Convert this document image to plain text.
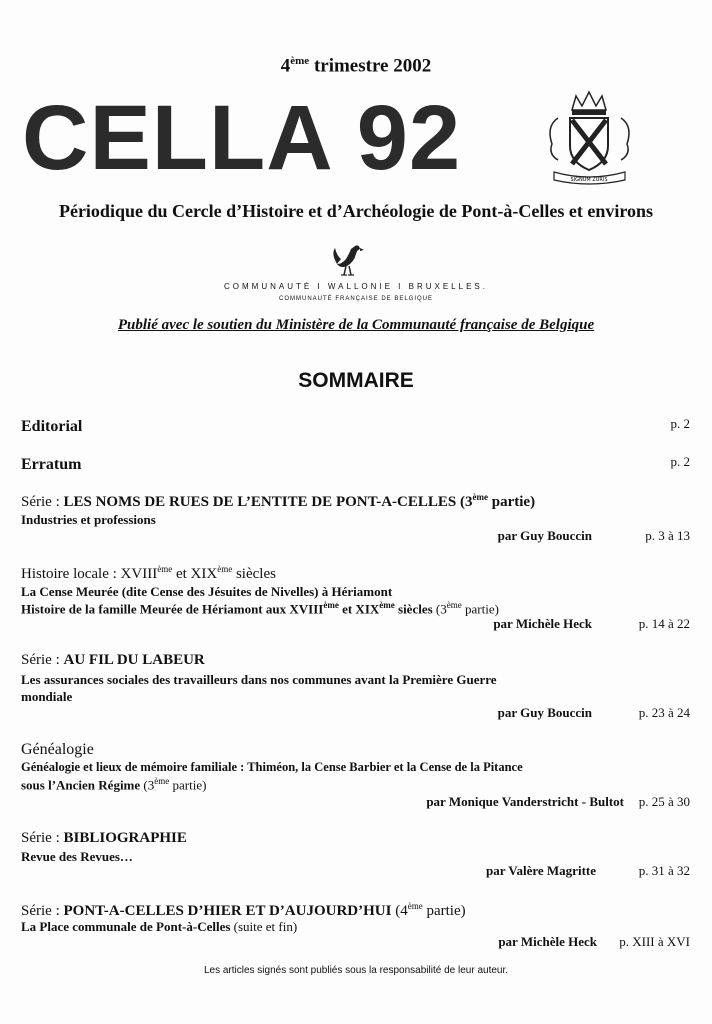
4ème trimestre 2002
CELLA 92	SIGNUM ZURIS
Périodique du Cercle d’Histoire et d’Archéologie de Pont-à-Celles et environs
COMMUNAUTÉ I WALLONIE I BRUXELLES.
COMMUNAUTÉ FRANÇAISE DE BELGIQUE
Publié avec le soutien du Ministère de la Communauté française de Belgique
SOMMAIRE
Editorial	p. 2
Erratum	p. 2
Série : LES NOMS DE RUES DE L’ENTITE DE PONT-A-CELLES (3ème partie)
Industries et professions
par Guy Bouccin	p. 3 à 13
Histoire locale : XVIIIème et XIXème siècles
La Cense Meurée (dite Cense des Jésuites de Nivelles) à Hériamont
Histoire de la famille Meurée de Hériamont aux XVIIIème et XIXème siècles (3ème partie)
par Michèle Heck	p. 14 à 22
Série : AU FIL DU LABEUR
Les assurances sociales des travailleurs dans nos communes avant la Première Guerre
mondiale
par Guy Bouccin	p. 23 à 24
Généalogie
Généalogie et lieux de mémoire familiale : Thiméon, la Cense Barbier et la Cense de la Pitance
sous l’Ancien Régime (3ème partie)
par Monique Vanderstricht - Bultot	p. 25 à 30
Série : BIBLIOGRAPHIE
Revue des Revues…
par Valère Magritte	p. 31 à 32
Série : PONT-A-CELLES D’HIER ET D’AUJOURD’HUI (4ème partie)
La Place communale de Pont-à-Celles (suite et fin)
par Michèle Heck	p. XIII à XVI
Les articles signés sont publiés sous la responsabilité de leur auteur.
